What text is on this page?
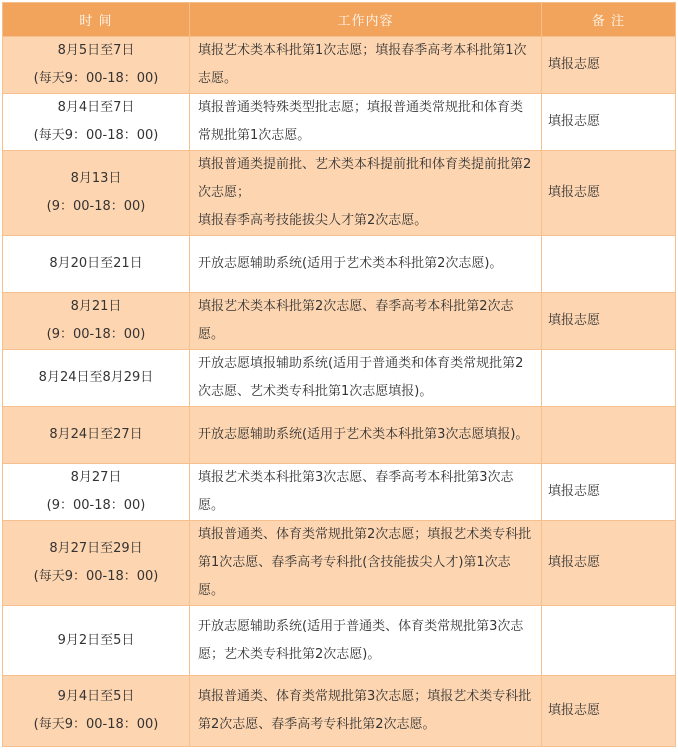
时 间	工作内容	备 注

8月5日至7日
(每天9：00-18：00)	填报艺术类本科批第1次志愿；填报春季高考本科批第1次志愿。	填报志愿

8月4日至7日
(每天9：00-18：00)	填报普通类特殊类型批志愿；填报普通类常规批和体育类常规批第1次志愿。	填报志愿

8月13日
(9：00-18：00)	填报普通类提前批、艺术类本科提前批和体育类提前批第2次志愿；
填报春季高考技能拔尖人才第2次志愿。	填报志愿

8月20日至21日	开放志愿辅助系统(适用于艺术类本科批第2次志愿)。	

8月21日
(9：00-18：00)	填报艺术类本科批第2次志愿、春季高考本科批第2次志愿。	填报志愿

8月24日至8月29日	开放志愿填报辅助系统(适用于普通类和体育类常规批第2次志愿、艺术类专科批第1次志愿填报)。	

8月24日至27日	开放志愿辅助系统(适用于艺术类本科批第3次志愿填报)。	

8月27日
(9：00-18：00)	填报艺术类本科批第3次志愿、春季高考本科批第3次志愿。	填报志愿

8月27日至29日
(每天9：00-18：00)	填报普通类、体育类常规批第2次志愿；填报艺术类专科批第1次志愿、春季高考专科批(含技能拔尖人才)第1次志愿。	填报志愿

9月2日至5日	开放志愿辅助系统(适用于普通类、体育类常规批第3次志愿；艺术类专科批第2次志愿)。	

9月4日至5日
(每天9：00-18：00)	填报普通类、体育类常规批第3次志愿；填报艺术类专科批第2次志愿、春季高考专科批第2次志愿。	填报志愿
